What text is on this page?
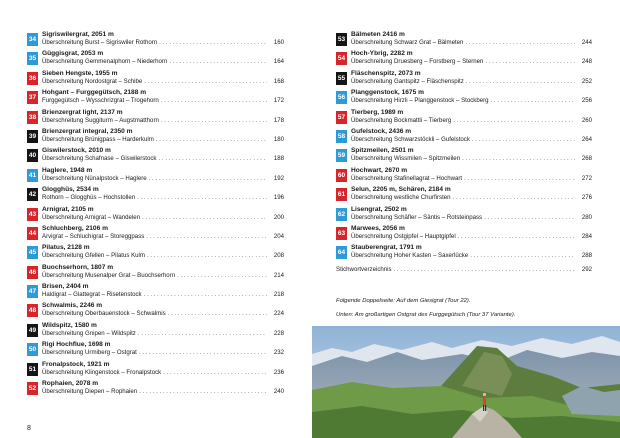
34
Sigriswilergrat, 2051 m
Überschreitung Burst – Sigriswiler Rothorn . . .	160
35
Güggisgrat, 2053 m
Überschreitung Gemmenalphorn – Niederhorn . . .	164
36
Sieben Hengste, 1955 m
Überschreitung Nordostgrat – Schibe . . .	168
37
Hohgant – Furggegütsch, 2188 m
Furggegütsch – Wysschrizgrat – Trogehorn . . .	172
38
Brienzergrat light, 2137 m
Überschreitung Suggiturm – Augstmatthorn . . .	178
39
Brienzergrat integral, 2350 m
Überschreitung Brünigpass – Harderkulm . . .	180
40
Giswilerstock, 2010 m
Überschreitung Schafnase – Giswilerstock . . .	188
41
Haglere, 1948 m
Überschreitung Nünalpstock – Haglere . . .	192
42
Glogghüs, 2534 m
Rothorn – Glogghüs – Hochstollen . . .	196
43
Arnigrat, 2105 m
Überschreitung Arnigrat – Wandelen . . .	200
44
Schluchberg, 2106 m
Arvigrat – Schluchigrat – Storeggpass . . .	204
45
Pilatus, 2128 m
Überschreitung Gfellen – Pilatus Kulm . . .	208
46
Buochserhorn, 1807 m
Überschreitung Musenalper Grat – Buochserhorn . . .	214
47
Brisen, 2404 m
Haldigrat – Glattegrat – Risetenstock . . .	218
48
Schwalmis, 2246 m
Überschreitung Oberbauenstock – Schwalmis . . .	224
49
Wildspitz, 1580 m
Überschreitung Gnipen – Wildspitz . . .	228
50
Rigi Hochflue, 1698 m
Überschreitung Urmiberg – Ostgrat . . .	232
51
Fronalpstock, 1921 m
Überschreitung Klingenstock – Fronalpstock . . .	236
52
Rophaien, 2078 m
Überschreitung Diepen – Rophaien . . .	240
53
Bälmeten 2416 m
Überschreitung Schwarz Grat – Bälmeten . . .	244
54
Hoch-Ybrig, 2282 m
Überschreitung Druesberg – Forstberg – Sternen . . .	248
55
Fläschenspitz, 2073 m
Überschreitung Gantspitz – Fläschenspitz . . .	252
56
Planggenstock, 1675 m
Überschreitung Hirzli – Planggenstock – Stockberg . . .	256
57
Tierberg, 1989 m
Überschreitung Bockmattli – Tierberg . . .	260
58
Gufelstock, 2436 m
Überschreitung Schwarzstöckli – Gufelstock . . .	264
59
Spitzmeilen, 2501 m
Überschreitung Wissmilen – Spitzmeilen . . .	268
60
Hochwart, 2670 m
Überschreitung Stafinellagrat – Hochwart . . .	272
61
Selun, 2205 m, Schären, 2184 m
Überschreitung westliche Churfirsten . . .	276
62
Lisengrat, 2502 m
Überschreitung Schäfler – Säntis – Rotsteinpass . . .	280
63
Marwees, 2056 m
Überschreitung Ostgipfel – Hauptgipfel . . .	284
64
Stauberengrat, 1791 m
Überschreitung Hoher Kasten – Saxerlücke . . .	288
Stichwortverzeichnis . . .	292
Folgende Doppelseite: Auf dem Giesigrat (Tour 22).
Unten: Am großartigen Ostgrat des Furggegütsch (Tour 37 Variante).
8
